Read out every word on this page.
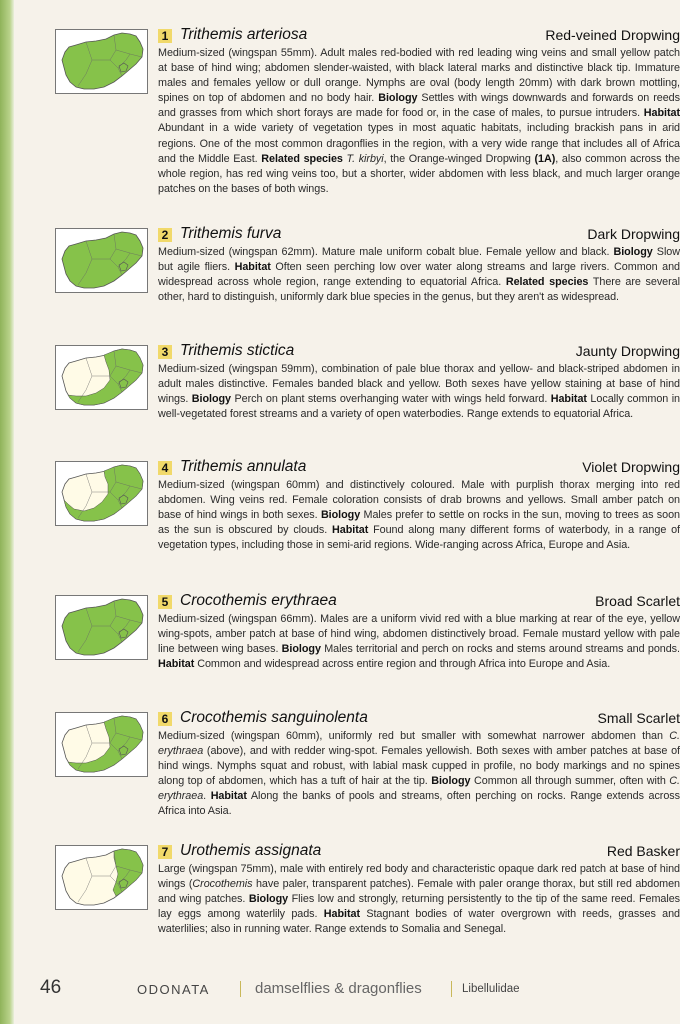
1 Trithemis arteriosa	Red-veined Dropwing

Medium-sized (wingspan 55mm). Adult males red-bodied with red leading wing veins and small yellow patch at base of hind wing; abdomen slender-waisted, with black lateral marks and distinctive black tip. Immature males and females yellow or dull orange. Nymphs are oval (body length 20mm) with dark brown mottling, spines on top of abdomen and no body hair. Biology Settles with wings downwards and forwards on reeds and grasses from which short forays are made for food or, in the case of males, to pursue intruders. Habitat Abundant in a wide variety of vegetation types in most aquatic habitats, including brackish pans in arid regions. One of the most common dragonflies in the region, with a very wide range that includes all of Africa and the Middle East. Related species T. kirbyi, the Orange-winged Dropwing (1A), also common across the whole region, has red wing veins too, but a shorter, wider abdomen with less black, and much larger orange patches on the bases of both wings.

2 Trithemis furva	Dark Dropwing

Medium-sized (wingspan 62mm). Mature male uniform cobalt blue. Female yellow and black. Biology Slow but agile fliers. Habitat Often seen perching low over water along streams and large rivers. Common and widespread across whole region, range extending to equatorial Africa. Related species There are several other, hard to distinguish, uniformly dark blue species in the genus, but they aren't as widespread.

3 Trithemis stictica	Jaunty Dropwing

Medium-sized (wingspan 59mm), combination of pale blue thorax and yellow- and black-striped abdomen in adult males distinctive. Females banded black and yellow. Both sexes have yellow staining at base of hind wings. Biology Perch on plant stems overhanging water with wings held forward. Habitat Locally common in well-vegetated forest streams and a variety of open waterbodies. Range extends to equatorial Africa.

4 Trithemis annulata	Violet Dropwing

Medium-sized (wingspan 60mm) and distinctively coloured. Male with purplish thorax merging into red abdomen. Wing veins red. Female coloration consists of drab browns and yellows. Small amber patch on base of hind wings in both sexes. Biology Males prefer to settle on rocks in the sun, moving to trees as soon as the sun is obscured by clouds. Habitat Found along many different forms of waterbody, in a range of vegetation types, including those in semi-arid regions. Wide-ranging across Africa, Europe and Asia.

5 Crocothemis erythraea	Broad Scarlet

Medium-sized (wingspan 66mm). Males are a uniform vivid red with a blue marking at rear of the eye, yellow wing-spots, amber patch at base of hind wing, abdomen distinctively broad. Female mustard yellow with pale line between wing bases. Biology Males territorial and perch on rocks and stems around streams and ponds. Habitat Common and widespread across entire region and through Africa into Europe and Asia.

6 Crocothemis sanguinolenta	Small Scarlet

Medium-sized (wingspan 60mm), uniformly red but smaller with somewhat narrower abdomen than C. erythraea (above), and with redder wing-spot. Females yellowish. Both sexes with amber patches at base of hind wings. Nymphs squat and robust, with labial mask cupped in profile, no body markings and no spines along top of abdomen, which has a tuft of hair at the tip. Biology Common all through summer, often with C. erythraea. Habitat Along the banks of pools and streams, often perching on rocks. Range extends across Africa into Asia.

7 Urothemis assignata	Red Basker

Large (wingspan 75mm), male with entirely red body and characteristic opaque dark red patch at base of hind wings (Crocothemis have paler, transparent patches). Female with paler orange thorax, but still red abdomen and wing patches. Biology Flies low and strongly, returning persistently to the tip of the same reed. Females lay eggs among waterlily pads. Habitat Stagnant bodies of water overgrown with reeds, grasses and waterlilies; also in running water. Range extends to Somalia and Senegal.

46	ODONATA	damselflies & dragonflies	Libellulidae
